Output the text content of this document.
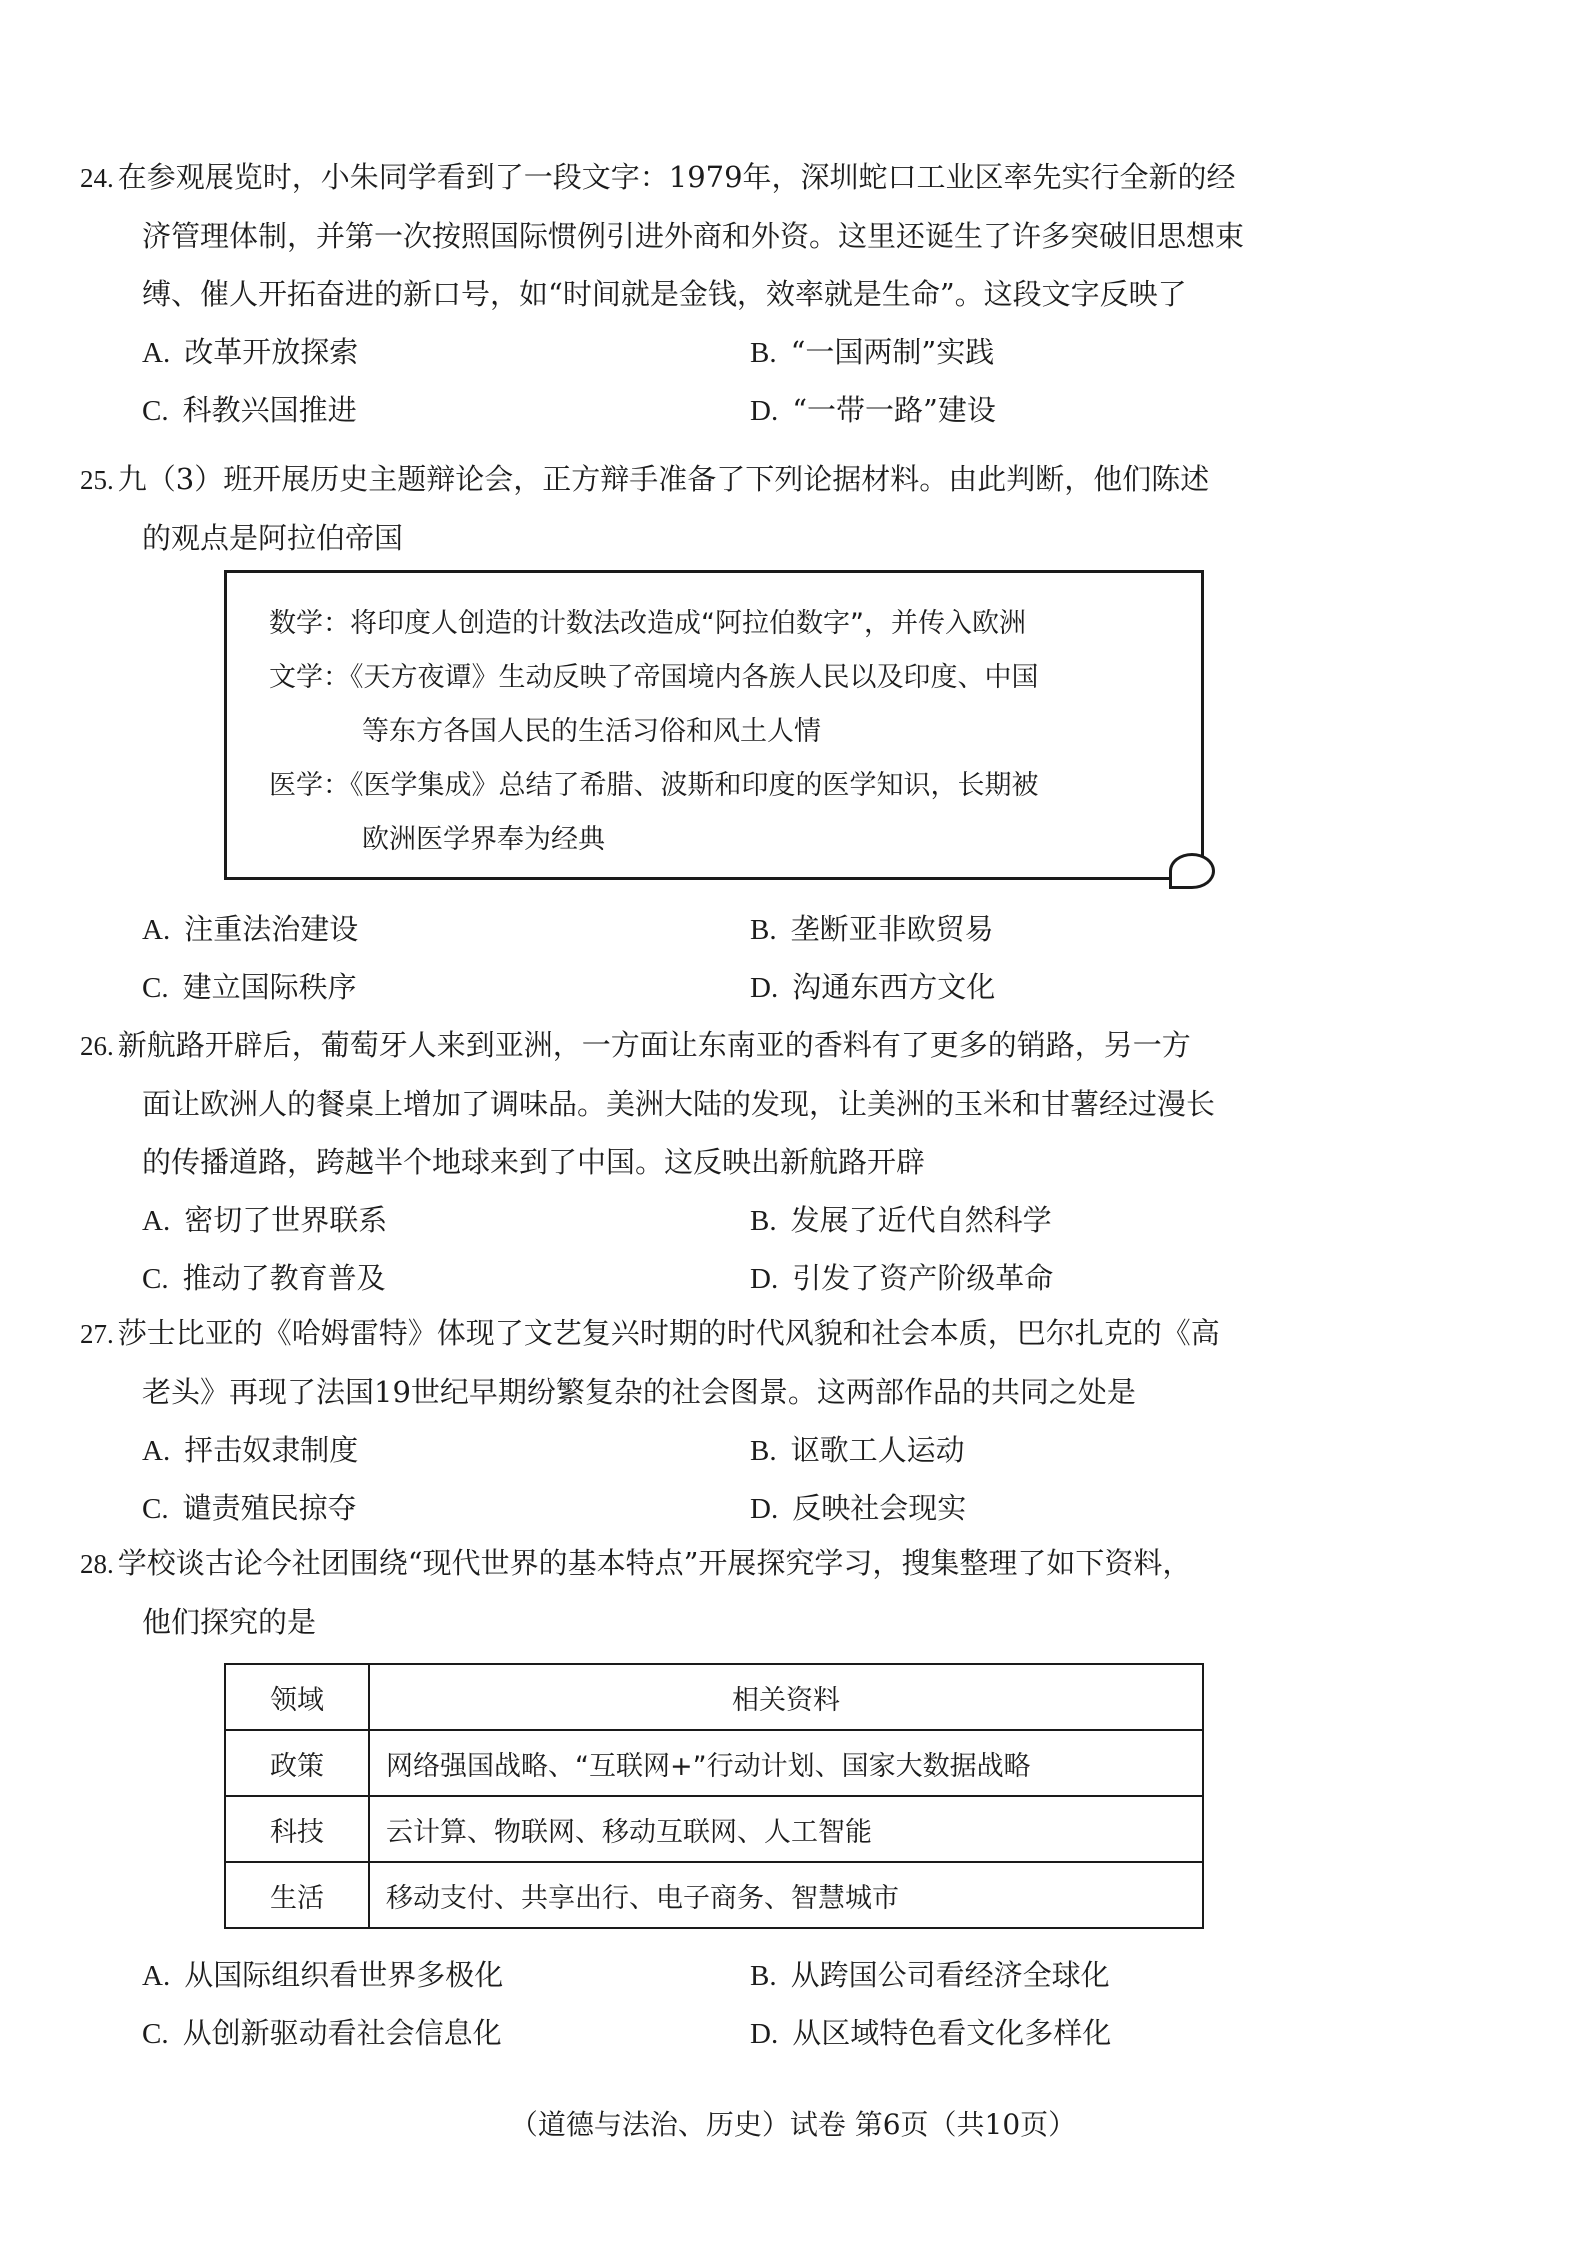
24. 在参观展览时，小朱同学看到了一段文字：1979年，深圳蛇口工业区率先实行全新的经
济管理体制，并第一次按照国际惯例引进外商和外资。这里还诞生了许多突破旧思想束
缚、催人开拓奋进的新口号，如“时间就是金钱，效率就是生命”。这段文字反映了

A. 改革开放探索	B. “一国两制”实践
C. 科教兴国推进	D. “一带一路”建设

25. 九（3）班开展历史主题辩论会，正方辩手准备了下列论据材料。由此判断，他们陈述
的观点是阿拉伯帝国

数学：将印度人创造的计数法改造成“阿拉伯数字”，并传入欧洲
文学：《天方夜谭》生动反映了帝国境内各族人民以及印度、中国
等东方各国人民的生活习俗和风土人情
医学：《医学集成》总结了希腊、波斯和印度的医学知识，长期被
欧洲医学界奉为经典
A. 注重法治建设	B. 垄断亚非欧贸易
C. 建立国际秩序	D. 沟通东西方文化

26. 新航路开辟后，葡萄牙人来到亚洲，一方面让东南亚的香料有了更多的销路，另一方
面让欧洲人的餐桌上增加了调味品。美洲大陆的发现，让美洲的玉米和甘薯经过漫长
的传播道路，跨越半个地球来到了中国。这反映出新航路开辟

A. 密切了世界联系	B. 发展了近代自然科学
C. 推动了教育普及	D. 引发了资产阶级革命

27. 莎士比亚的《哈姆雷特》体现了文艺复兴时期的时代风貌和社会本质，巴尔扎克的《高
老头》再现了法国19世纪早期纷繁复杂的社会图景。这两部作品的共同之处是

A. 抨击奴隶制度	B. 讴歌工人运动
C. 谴责殖民掠夺	D. 反映社会现实

28. 学校谈古论今社团围绕“现代世界的基本特点”开展探究学习，搜集整理了如下资料，
他们探究的是

领域	相关资料
政策	网络强国战略、“互联网+”行动计划、国家大数据战略
科技	云计算、物联网、移动互联网、人工智能
生活	移动支付、共享出行、电子商务、智慧城市
A. 从国际组织看世界多极化	B. 从跨国公司看经济全球化
C. 从创新驱动看社会信息化	D. 从区域特色看文化多样化
（道德与法治、历史）试卷 第6页（共10页）
